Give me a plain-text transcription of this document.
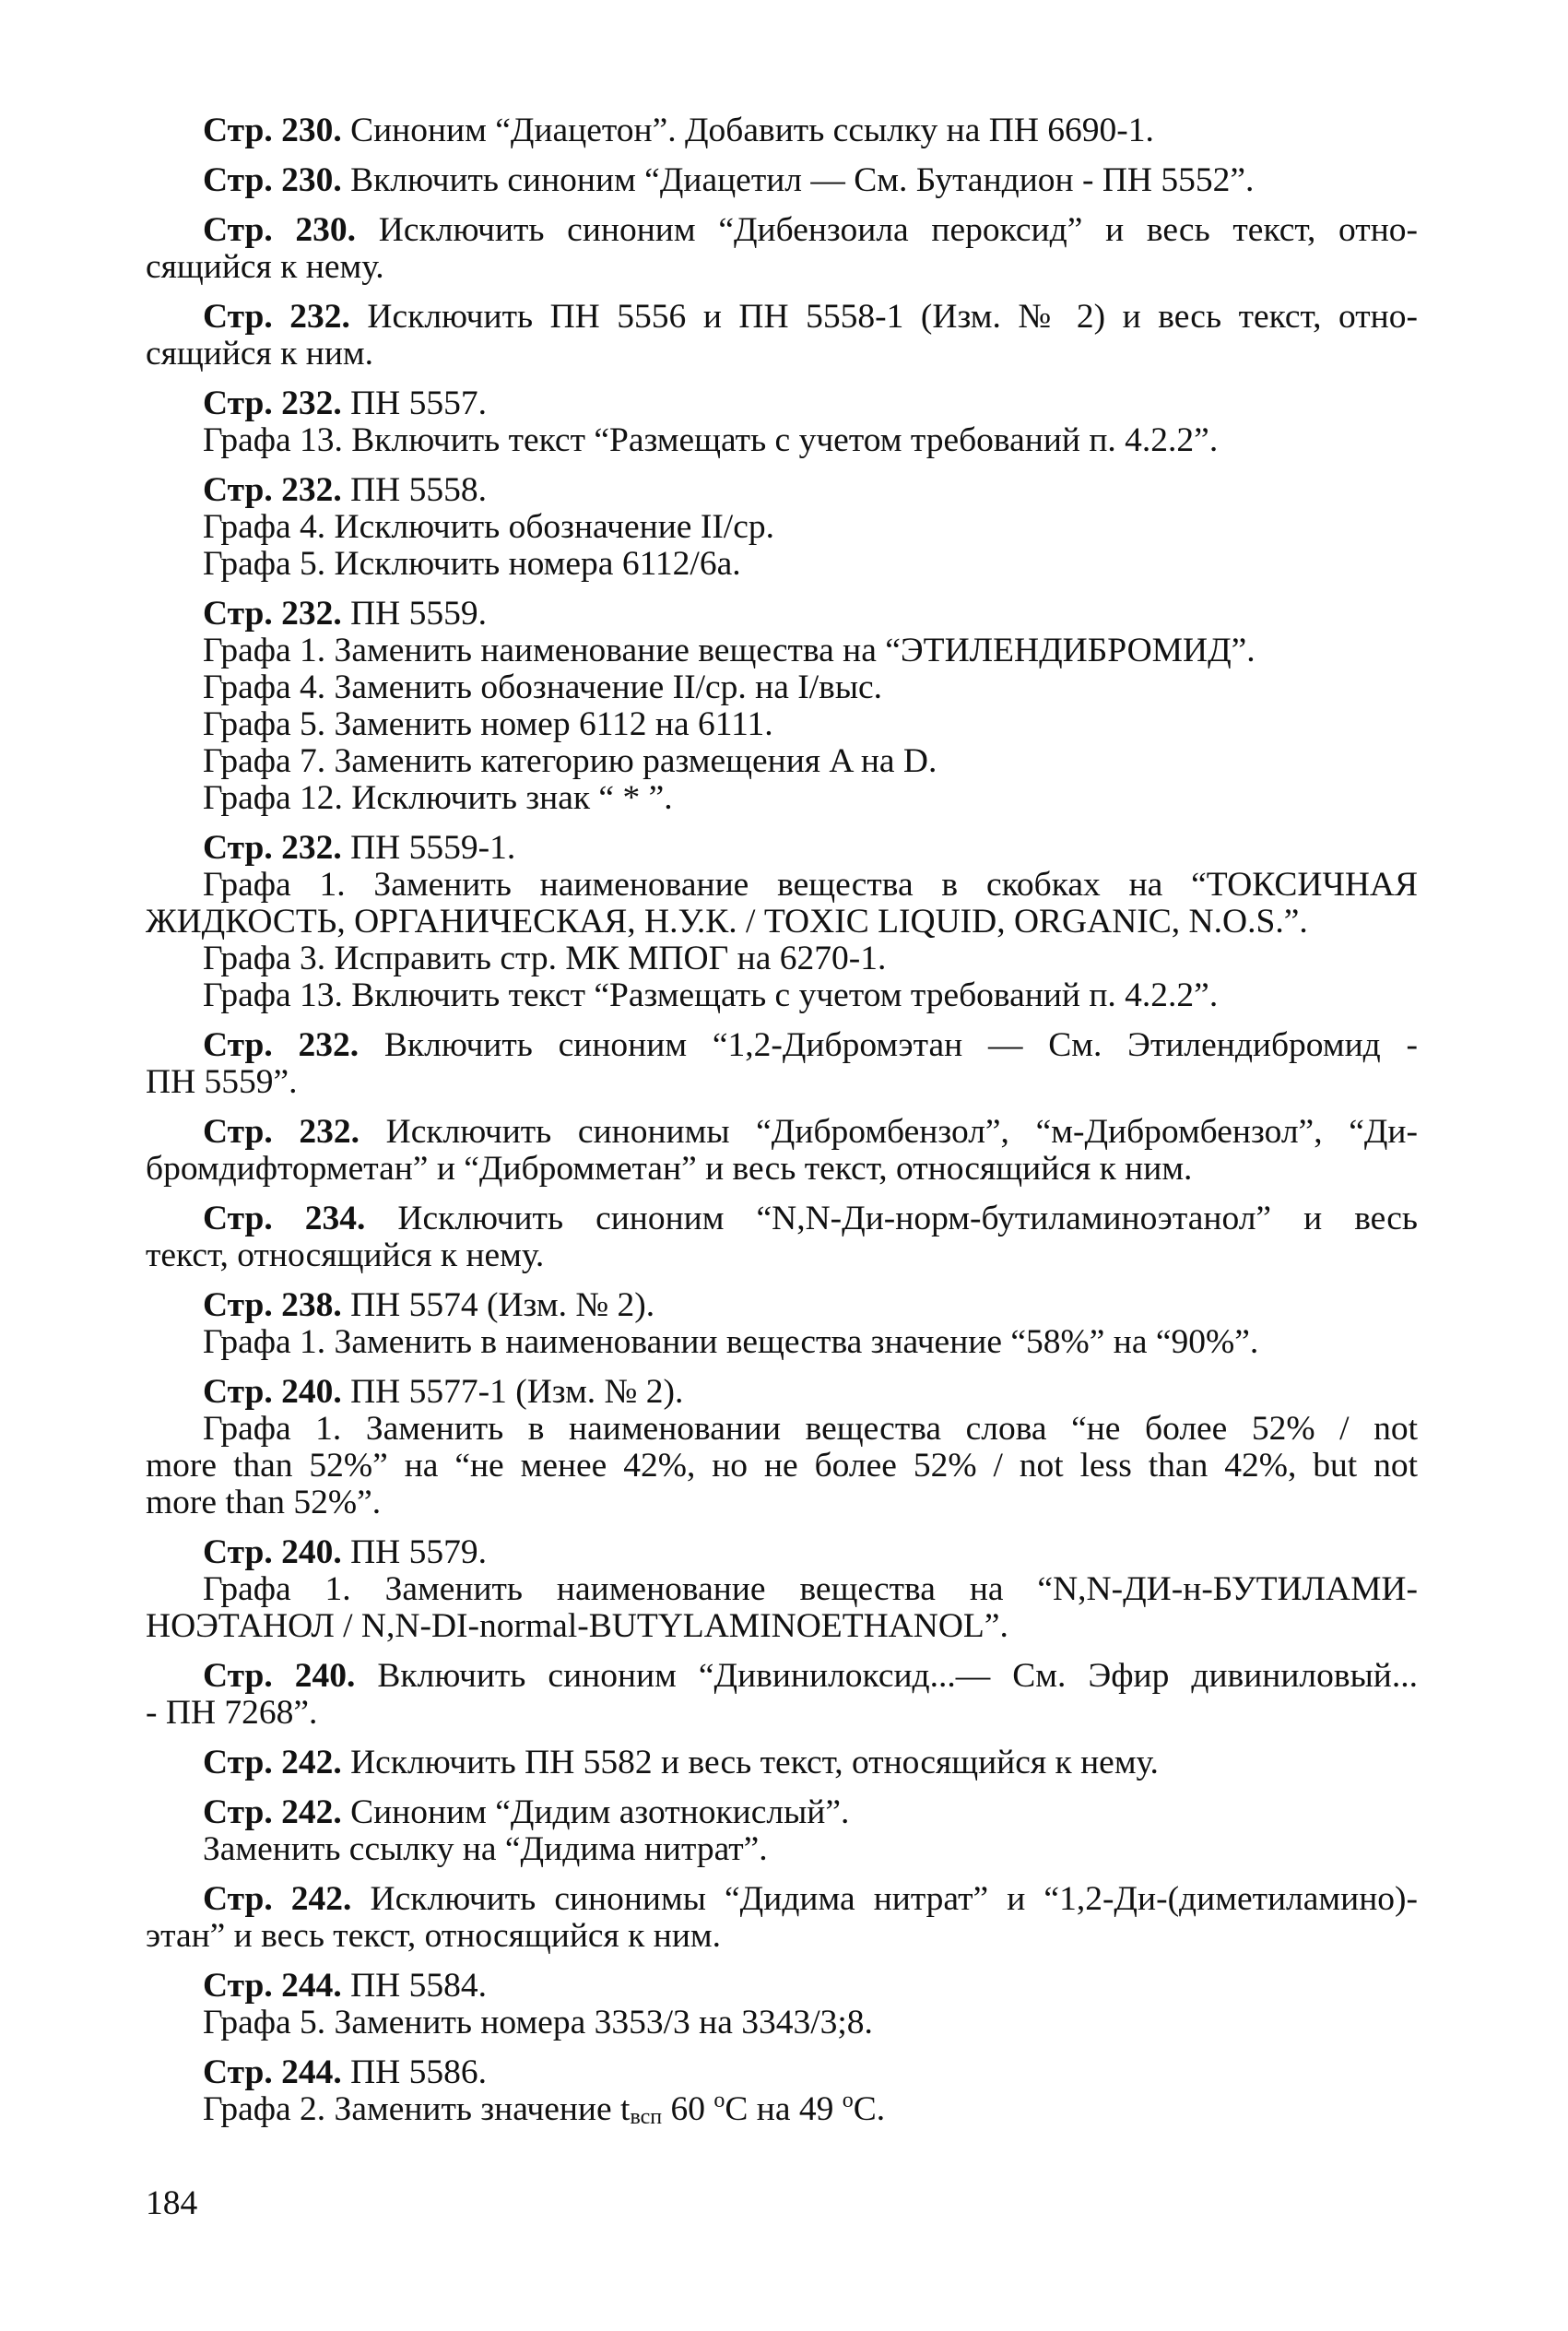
Стр. 230. Синоним “Диацетон”. Добавить ссылку на ПН 6690-1.
Стр. 230. Включить синоним “Диацетил — См. Бутандион - ПН 5552”.
Стр. 230. Исключить синоним “Дибензоила пероксид” и весь текст, отно-
сящийся к нему.
Стр. 232. Исключить ПН 5556 и ПН 5558-1 (Изм. № 2) и весь текст, отно-
сящийся к ним.
Стр. 232. ПН 5557.
Графа 13. Включить текст “Размещать с учетом требований п. 4.2.2”.
Стр. 232. ПН 5558.
Графа 4. Исключить обозначение II/ср.
Графа 5. Исключить номера 6112/6а.
Стр. 232. ПН 5559.
Графа 1. Заменить наименование вещества на “ЭТИЛЕНДИБРОМИД”.
Графа 4. Заменить обозначение II/ср. на I/выс.
Графа 5. Заменить номер 6112 на 6111.
Графа 7. Заменить категорию размещения A на D.
Графа 12. Исключить знак “ * ”.
Стр. 232. ПН 5559-1.
Графа 1. Заменить наименование вещества в скобках на “ТОКСИЧНАЯ
ЖИДКОСТЬ, ОРГАНИЧЕСКАЯ, Н.У.К. / TOXIC LIQUID, ORGANIC, N.O.S.”.
Графа 3. Исправить стр. МК МПОГ на 6270-1.
Графа 13. Включить текст “Размещать с учетом требований п. 4.2.2”.
Стр. 232. Включить синоним “1,2-Дибромэтан — См. Этилендибромид -
ПН 5559”.
Стр. 232. Исключить синонимы “Дибромбензол”, “м-Дибромбензол”, “Ди-
бромдифторметан” и “Дибромметан” и весь текст, относящийся к ним.
Стр. 234. Исключить синоним “N,N-Ди-норм-бутиламиноэтанол” и весь
текст, относящийся к нему.
Стр. 238. ПН 5574 (Изм. № 2).
Графа 1. Заменить в наименовании вещества значение “58%” на “90%”.
Стр. 240. ПН 5577-1 (Изм. № 2).
Графа 1. Заменить в наименовании вещества слова “не более 52% / not
more than 52%” на “не менее 42%, но не более 52% / not less than 42%, but not
more than 52%”.
Стр. 240. ПН 5579.
Графа 1. Заменить наименование вещества на “N,N-ДИ-н-БУТИЛАМИ-
НОЭТАНОЛ / N,N-DI-normal-BUTYLAMINOETHANOL”.
Стр. 240. Включить синоним “Дивинилоксид...— См. Эфир дивиниловый...
- ПН 7268”.
Стр. 242. Исключить ПН 5582 и весь текст, относящийся к нему.
Стр. 242. Синоним “Дидим азотнокислый”.
Заменить ссылку на “Дидима нитрат”.
Стр. 242. Исключить синонимы “Дидима нитрат” и “1,2-Ди-(диметиламино)-
этан” и весь текст, относящийся к ним.
Стр. 244. ПН 5584.
Графа 5. Заменить номера 3353/3 на 3343/3;8.
Стр. 244. ПН 5586.
Графа 2. Заменить значение $t_{всп}$ 60 $^o$C на 49 $^o$C.
184
